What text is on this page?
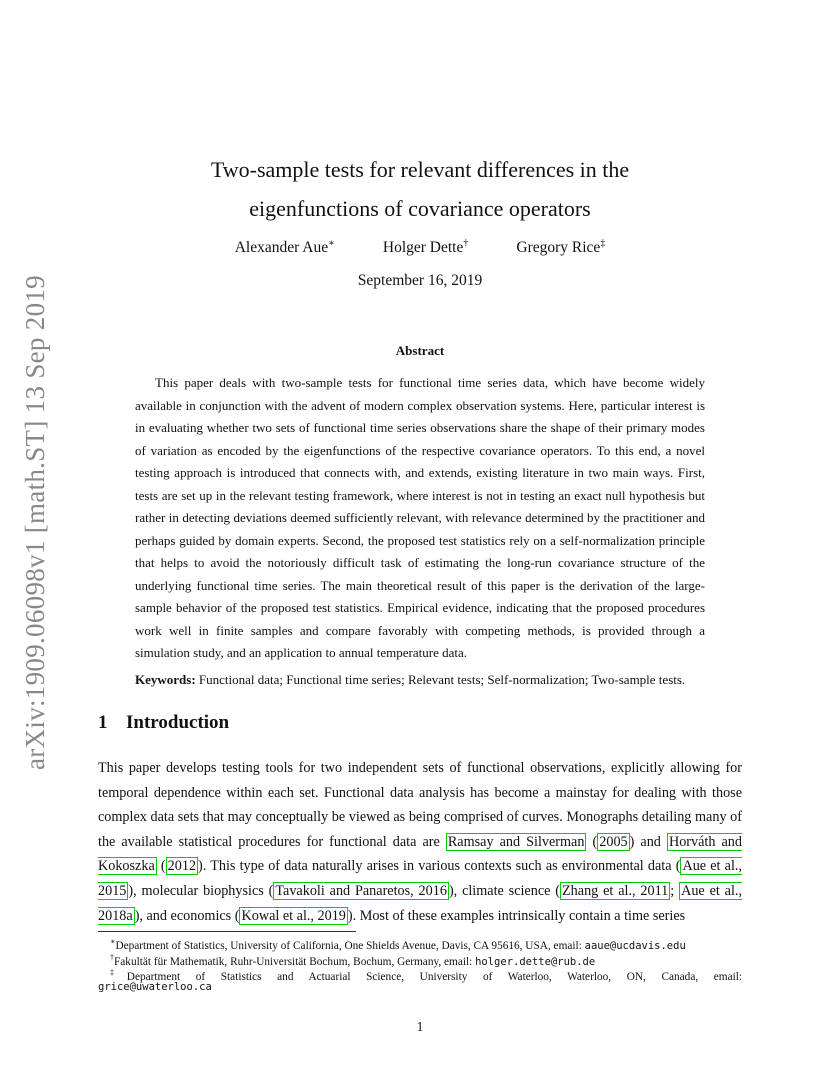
arXiv:1909.06098v1 [math.ST] 13 Sep 2019
Two-sample tests for relevant differences in the
eigenfunctions of covariance operators
Alexander Aue∗	Holger Dette†	Gregory Rice‡
September 16, 2019
Abstract

This paper deals with two-sample tests for functional time series data, which have become widely available in conjunction with the advent of modern complex observation systems. Here, particular interest is in evaluating whether two sets of functional time series observations share the shape of their primary modes of variation as encoded by the eigenfunctions of the respective covariance operators. To this end, a novel testing approach is introduced that connects with, and extends, existing literature in two main ways. First, tests are set up in the relevant testing framework, where interest is not in testing an exact null hypothesis but rather in detecting deviations deemed sufficiently relevant, with relevance determined by the practitioner and perhaps guided by domain experts. Second, the proposed test statistics rely on a self-normalization principle that helps to avoid the notoriously difficult task of estimating the long-run covariance structure of the underlying functional time series. The main theoretical result of this paper is the derivation of the large-sample behavior of the proposed test statistics. Empirical evidence, indicating that the proposed procedures work well in finite samples and compare favorably with competing methods, is provided through a simulation study, and an application to annual temperature data.

Keywords: Functional data; Functional time series; Relevant tests; Self-normalization; Two-sample tests.

1 Introduction

This paper develops testing tools for two independent sets of functional observations, explicitly allowing for temporal dependence within each set. Functional data analysis has become a mainstay for dealing with those complex data sets that may conceptually be viewed as being comprised of curves. Monographs detailing many of the available statistical procedures for functional data are Ramsay and Silverman ( 2005 ) and Horváth and Kokoszka ( 2012 ). This type of data naturally arises in various contexts such as environmental data ( Aue et al., 2015 ), molecular biophysics ( Tavakoli and Panaretos, 2016 ), climate science ( Zhang et al., 2011 ; Aue et al., 2018a ), and economics ( Kowal et al., 2019 ). Most of these examples intrinsically contain a time series

∗Department of Statistics, University of California, One Shields Avenue, Davis, CA 95616, USA, email: aaue@ucdavis.edu

†Fakultät für Mathematik, Ruhr-Universität Bochum, Bochum, Germany, email: holger.dette@rub.de

‡Department of Statistics and Actuarial Science, University of Waterloo, Waterloo, ON, Canada, email:

grice@uwaterloo.ca

1
